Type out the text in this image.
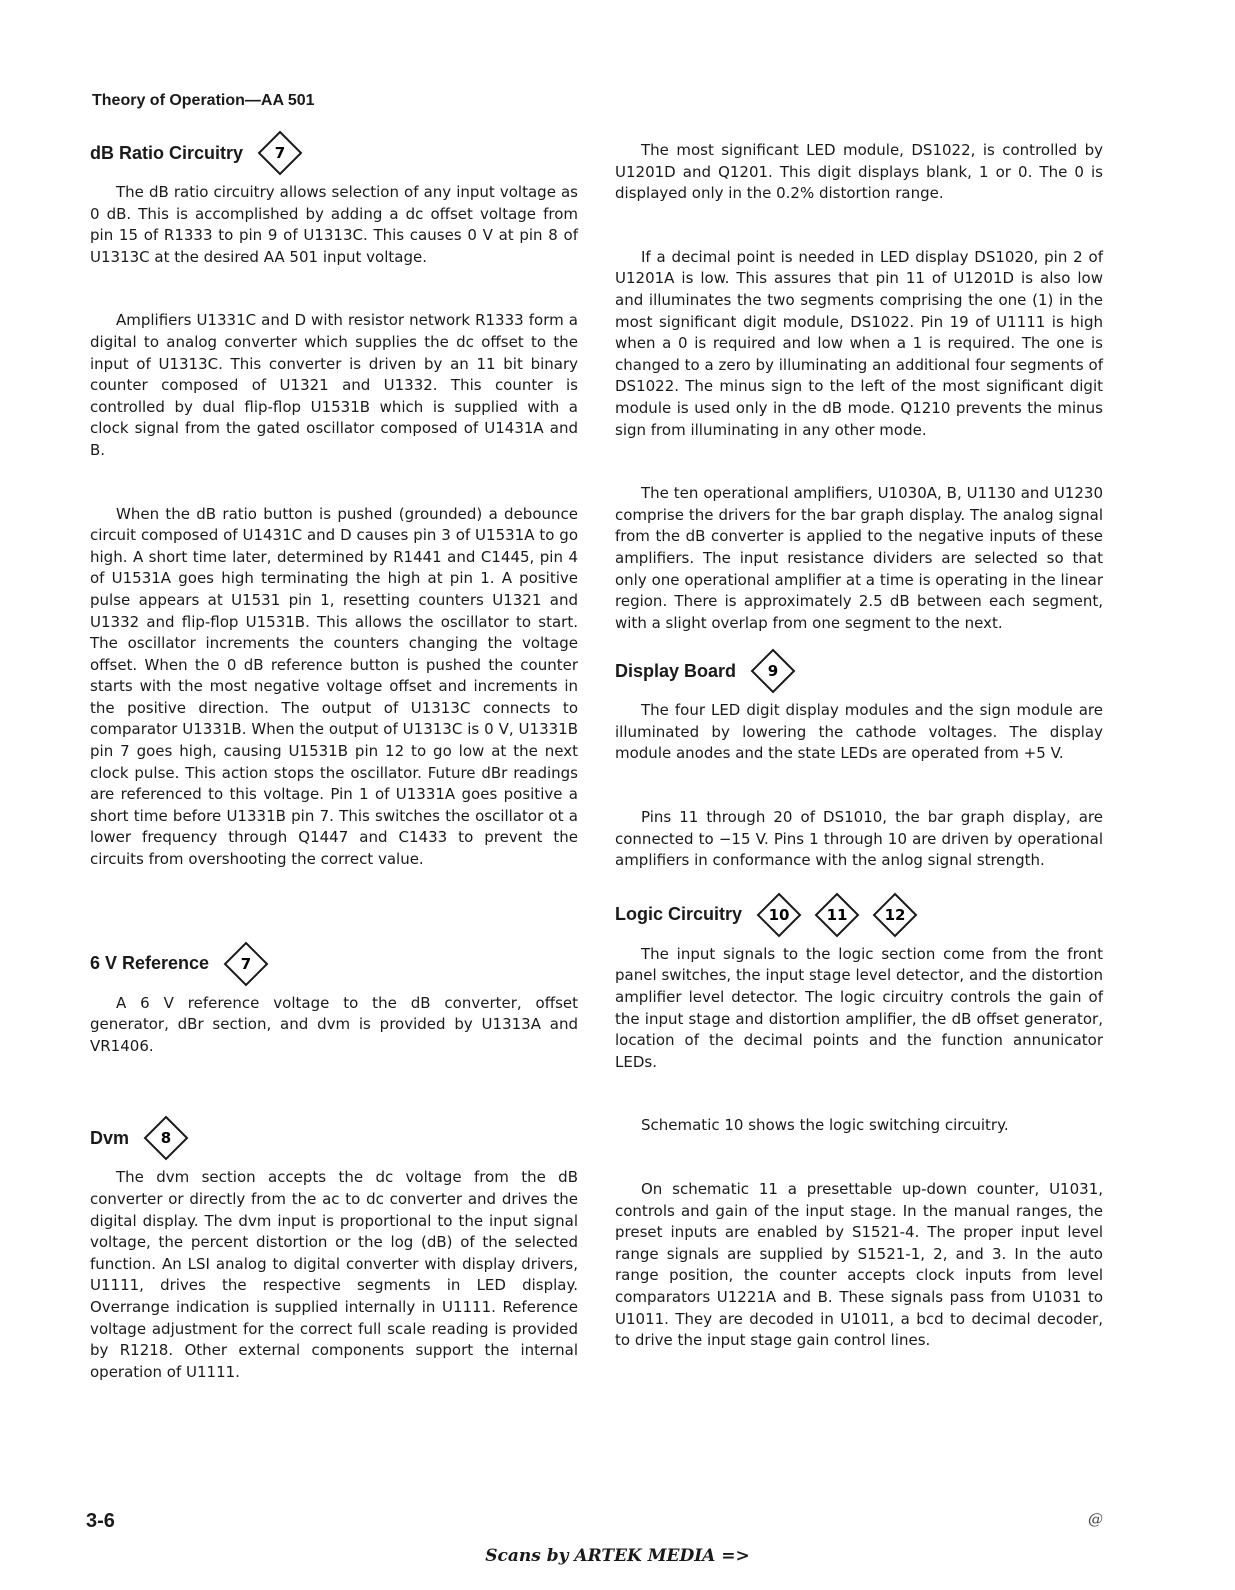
Theory of Operation—AA 501
dB Ratio Circuitry 7

The dB ratio circuitry allows selection of any input voltage as 0 dB. This is accomplished by adding a dc offset voltage from pin 15 of R1333 to pin 9 of U1313C. This causes 0 V at pin 8 of U1313C at the desired AA 501 input voltage.

Amplifiers U1331C and D with resistor network R1333 form a digital to analog converter which supplies the dc offset to the input of U1313C. This converter is driven by an 11 bit binary counter composed of U1321 and U1332. This counter is controlled by dual flip-flop U1531B which is supplied with a clock signal from the gated oscillator composed of U1431A and B.

When the dB ratio button is pushed (grounded) a debounce circuit composed of U1431C and D causes pin 3 of U1531A to go high. A short time later, determined by R1441 and C1445, pin 4 of U1531A goes high terminating the high at pin 1. A positive pulse appears at U1531 pin 1, resetting counters U1321 and U1332 and flip-flop U1531B. This allows the oscillator to start. The oscillator increments the counters changing the voltage offset. When the 0 dB reference button is pushed the counter starts with the most negative voltage offset and increments in the positive direction. The output of U1313C connects to comparator U1331B. When the output of U1313C is 0 V, U1331B pin 7 goes high, causing U1531B pin 12 to go low at the next clock pulse. This action stops the oscillator. Future dBr readings are referenced to this voltage. Pin 1 of U1331A goes positive a short time before U1331B pin 7. This switches the oscillator ot a lower frequency through Q1447 and C1433 to prevent the circuits from overshooting the correct value.

6 V Reference 7

A 6 V reference voltage to the dB converter, offset generator, dBr section, and dvm is provided by U1313A and VR1406.

Dvm 8

The dvm section accepts the dc voltage from the dB converter or directly from the ac to dc converter and drives the digital display. The dvm input is proportional to the input signal voltage, the percent distortion or the log (dB) of the selected function. An LSI analog to digital converter with display drivers, U1111, drives the respective segments in LED display. Overrange indication is supplied internally in U1111. Reference voltage adjustment for the correct full scale reading is provided by R1218. Other external components support the internal operation of U1111.

The most significant LED module, DS1022, is controlled by U1201D and Q1201. This digit displays blank, 1 or 0. The 0 is displayed only in the 0.2% distortion range.

If a decimal point is needed in LED display DS1020, pin 2 of U1201A is low. This assures that pin 11 of U1201D is also low and illuminates the two segments comprising the one (1) in the most significant digit module, DS1022. Pin 19 of U1111 is high when a 0 is required and low when a 1 is required. The one is changed to a zero by illuminating an additional four segments of DS1022. The minus sign to the left of the most significant digit module is used only in the dB mode. Q1210 prevents the minus sign from illuminating in any other mode.

The ten operational amplifiers, U1030A, B, U1130 and U1230 comprise the drivers for the bar graph display. The analog signal from the dB converter is applied to the negative inputs of these amplifiers. The input resistance dividers are selected so that only one operational amplifier at a time is operating in the linear region. There is approximately 2.5 dB between each segment, with a slight overlap from one segment to the next.

Display Board 9

The four LED digit display modules and the sign module are illuminated by lowering the cathode voltages. The display module anodes and the state LEDs are operated from +5 V.

Pins 11 through 20 of DS1010, the bar graph display, are connected to −15 V. Pins 1 through 10 are driven by operational amplifiers in conformance with the anlog signal strength.

Logic Circuitry 10 11 12

The input signals to the logic section come from the front panel switches, the input stage level detector, and the distortion amplifier level detector. The logic circuitry controls the gain of the input stage and distortion amplifier, the dB offset generator, location of the decimal points and the function annunicator LEDs.

Schematic 10 shows the logic switching circuitry.

On schematic 11 a presettable up-down counter, U1031, controls and gain of the input stage. In the manual ranges, the preset inputs are enabled by S1521-4. The proper input level range signals are supplied by S1521-1, 2, and 3. In the auto range position, the counter accepts clock inputs from level comparators U1221A and B. These signals pass from U1031 to U1011. They are decoded in U1011, a bcd to decimal decoder, to drive the input stage gain control lines.

3-6	@
Scans by ARTEK MEDIA =>
